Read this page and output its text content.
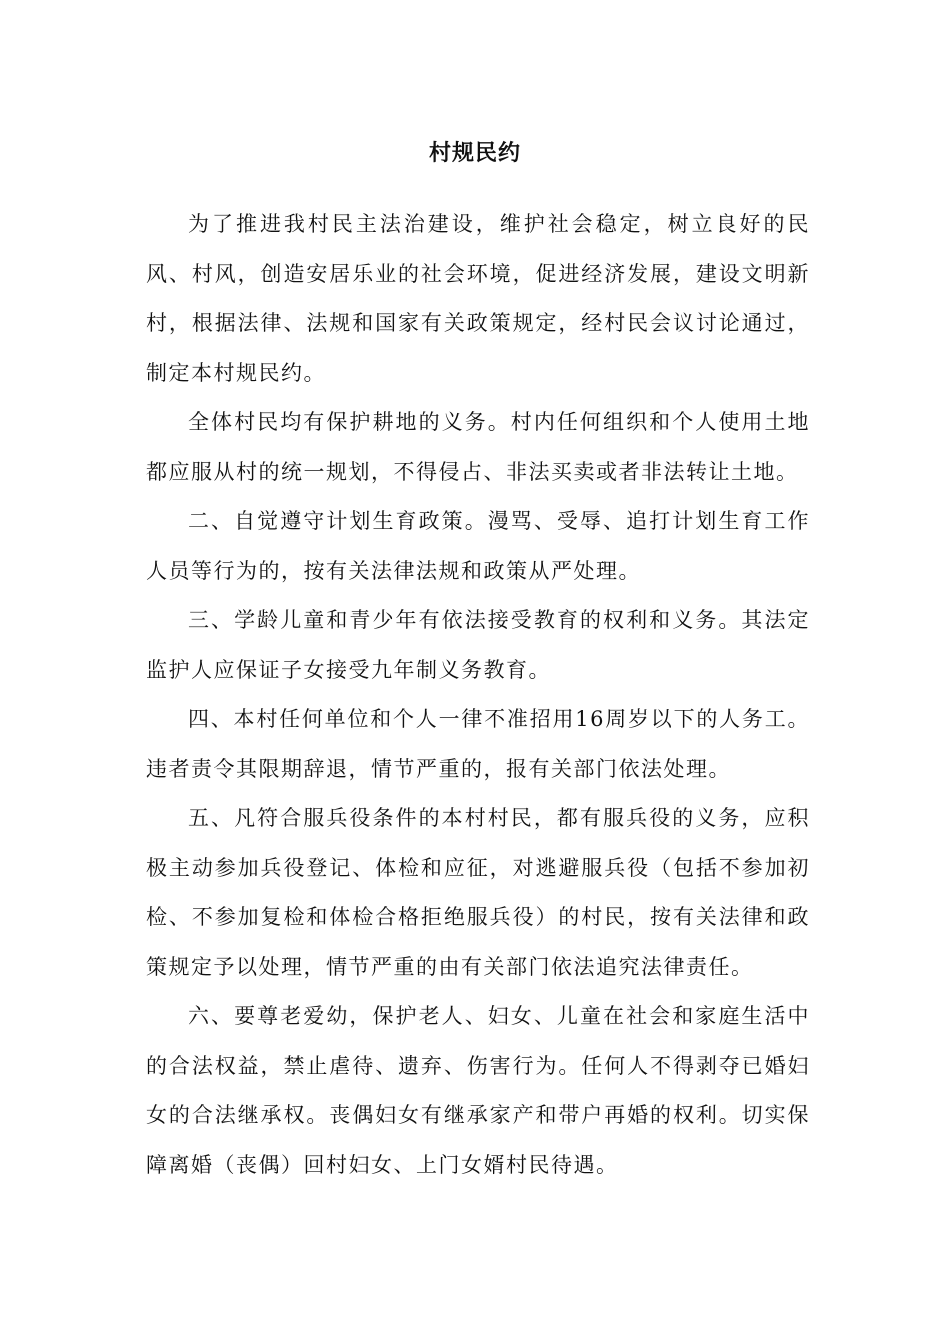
村规民约

为了推进我村民主法治建设，维护社会稳定，树立良好的民风、村风，创造安居乐业的社会环境，促进经济发展，建设文明新村，根据法律、法规和国家有关政策规定，经村民会议讨论通过，制定本村规民约。

全体村民均有保护耕地的义务。村内任何组织和个人使用土地都应服从村的统一规划，不得侵占、非法买卖或者非法转让土地。

二、自觉遵守计划生育政策。漫骂、受辱、追打计划生育工作人员等行为的，按有关法律法规和政策从严处理。

三、学龄儿童和青少年有依法接受教育的权利和义务。其法定监护人应保证子女接受九年制义务教育。

四、本村任何单位和个人一律不准招用16周岁以下的人务工。违者责令其限期辞退，情节严重的，报有关部门依法处理。

五、凡符合服兵役条件的本村村民，都有服兵役的义务，应积极主动参加兵役登记、体检和应征，对逃避服兵役（包括不参加初检、不参加复检和体检合格拒绝服兵役）的村民，按有关法律和政策规定予以处理，情节严重的由有关部门依法追究法律责任。

六、要尊老爱幼，保护老人、妇女、儿童在社会和家庭生活中的合法权益，禁止虐待、遗弃、伤害行为。任何人不得剥夺已婚妇女的合法继承权。丧偶妇女有继承家产和带户再婚的权利。切实保障离婚（丧偶）回村妇女、上门女婿村民待遇。
